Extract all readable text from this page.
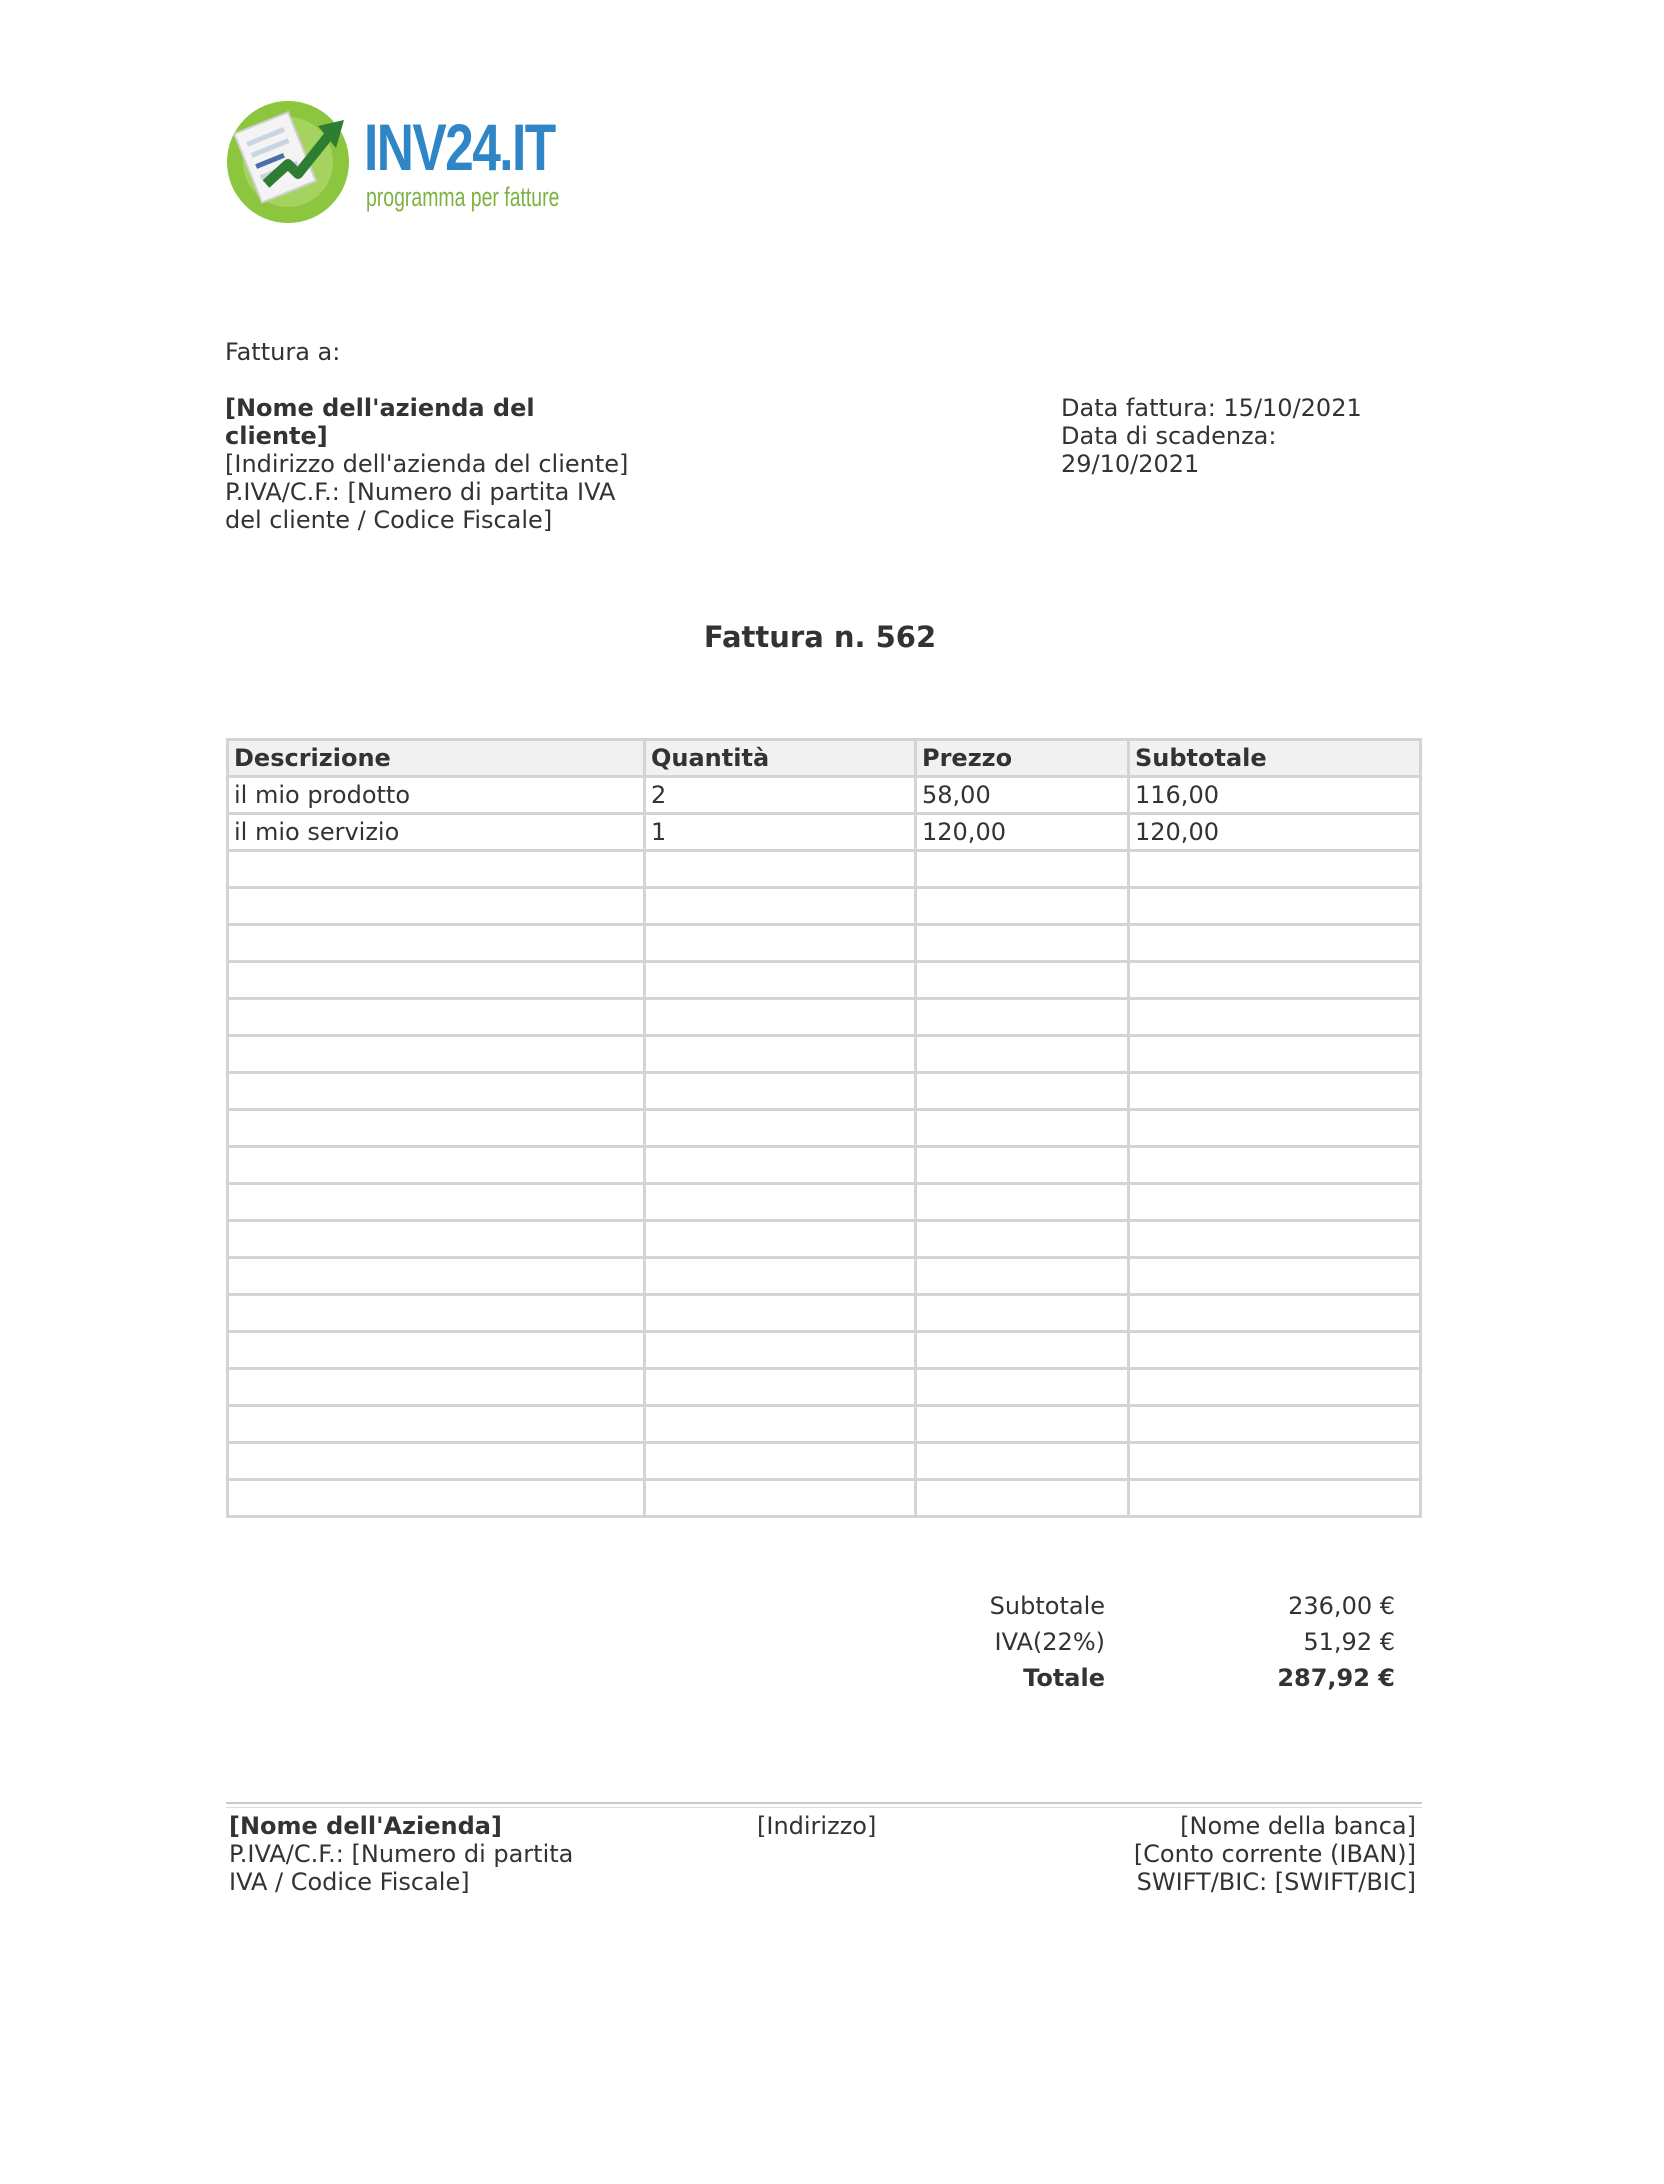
INV24.IT
programma per fatture
Fattura a:
[Nome dell'azienda del
cliente]
[Indirizzo dell'azienda del cliente]
P.IVA/C.F.: [Numero di partita IVA
del cliente / Codice Fiscale]
Data fattura: 15/10/2021
Data di scadenza:
29/10/2021
Fattura n. 562
Descrizione	Quantità	Prezzo	Subtotale
il mio prodotto	2	58,00	116,00
il mio servizio	1	120,00	120,00

Subtotale	236,00 €
IVA(22%)	51,92 €
Totale	287,92 €
[Nome dell'Azienda]
P.IVA/C.F.: [Numero di partita
IVA / Codice Fiscale]
[Indirizzo]	[Nome della banca]
[Conto corrente (IBAN)]
SWIFT/BIC: [SWIFT/BIC]
